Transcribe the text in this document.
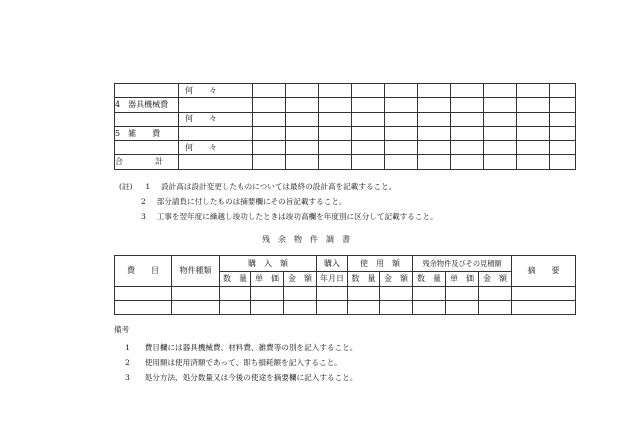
	何　　々										
4　器具機械費											
	何　　々										
5　雑　　費											
	何　　々										
合　　　　計											
(註) 1 設計高は設計変更したものについては最終の設計高を記載すること。
2 部分請負に付したものは摘要欄にその旨記載すること。
3 工事を翌年度に繰越し竣功したときは竣功高欄を年度別に区分して記載すること。
残　余　物　件　調　書
費　　目	物件種類	購　入　額			購入	使　用　額		残余物件及びその見積額			摘　　要
		数　量	単　価	金　額	年月日	数　量	金　額	数　量	単　価	金　額	

備考
1 費目欄には器具機械費、材料費、雑費等の別を記入すること。
2 使用額は使用済額であって、即ち損耗額を記入すること。
3 処分方法、処分数量又は今後の使途を摘要欄に記入すること。
